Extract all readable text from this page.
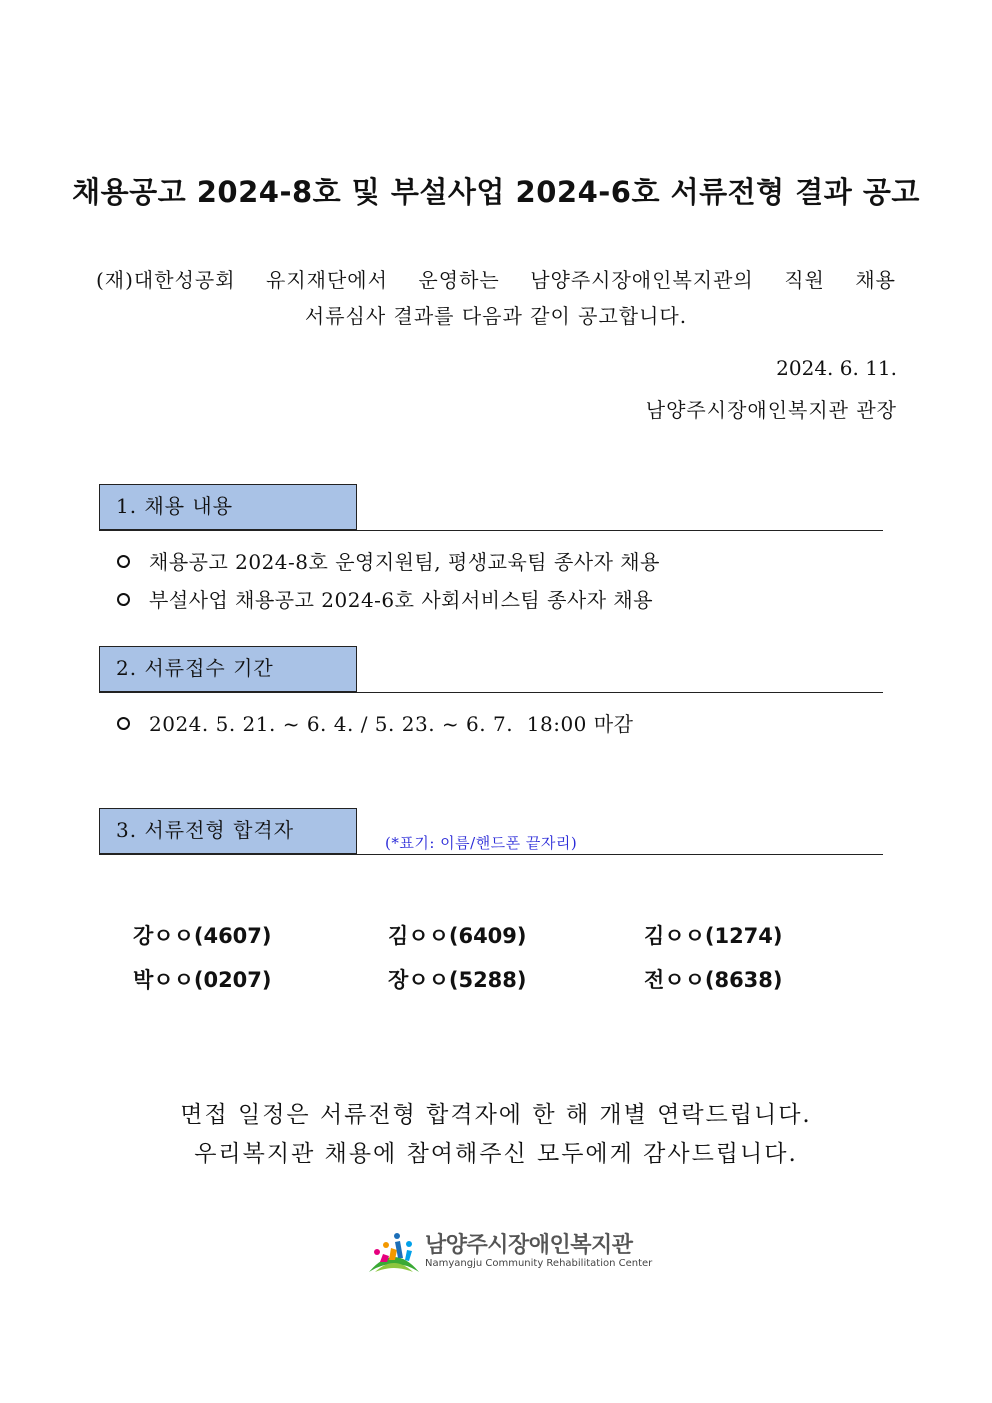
채용공고 2024-8호 및 부설사업 2024-6호 서류전형 결과 공고
(재)대한성공회 유지재단에서 운영하는 남양주시장애인복지관의 직원 채용
서류심사 결과를 다음과 같이 공고합니다.
2024. 6. 11.
남양주시장애인복지관 관장
1. 채용 내용
채용공고 2024-8호 운영지원팀, 평생교육팀 종사자 채용
부설사업 채용공고 2024-6호 사회서비스팀 종사자 채용
2. 서류접수 기간
2024. 5. 21. ~ 6. 4. / 5. 23. ~ 6. 7.  18:00 마감
3. 서류전형 합격자
(*표기: 이름/핸드폰 끝자리)
강ㅇㅇ(4607)	김ㅇㅇ(6409)	김ㅇㅇ(1274)
박ㅇㅇ(0207)	장ㅇㅇ(5288)	전ㅇㅇ(8638)
면접 일정은 서류전형 합격자에 한 해 개별 연락드립니다.
우리복지관 채용에 참여해주신 모두에게 감사드립니다.
남양주시장애인복지관
Namyangju Community Rehabilitation Center
